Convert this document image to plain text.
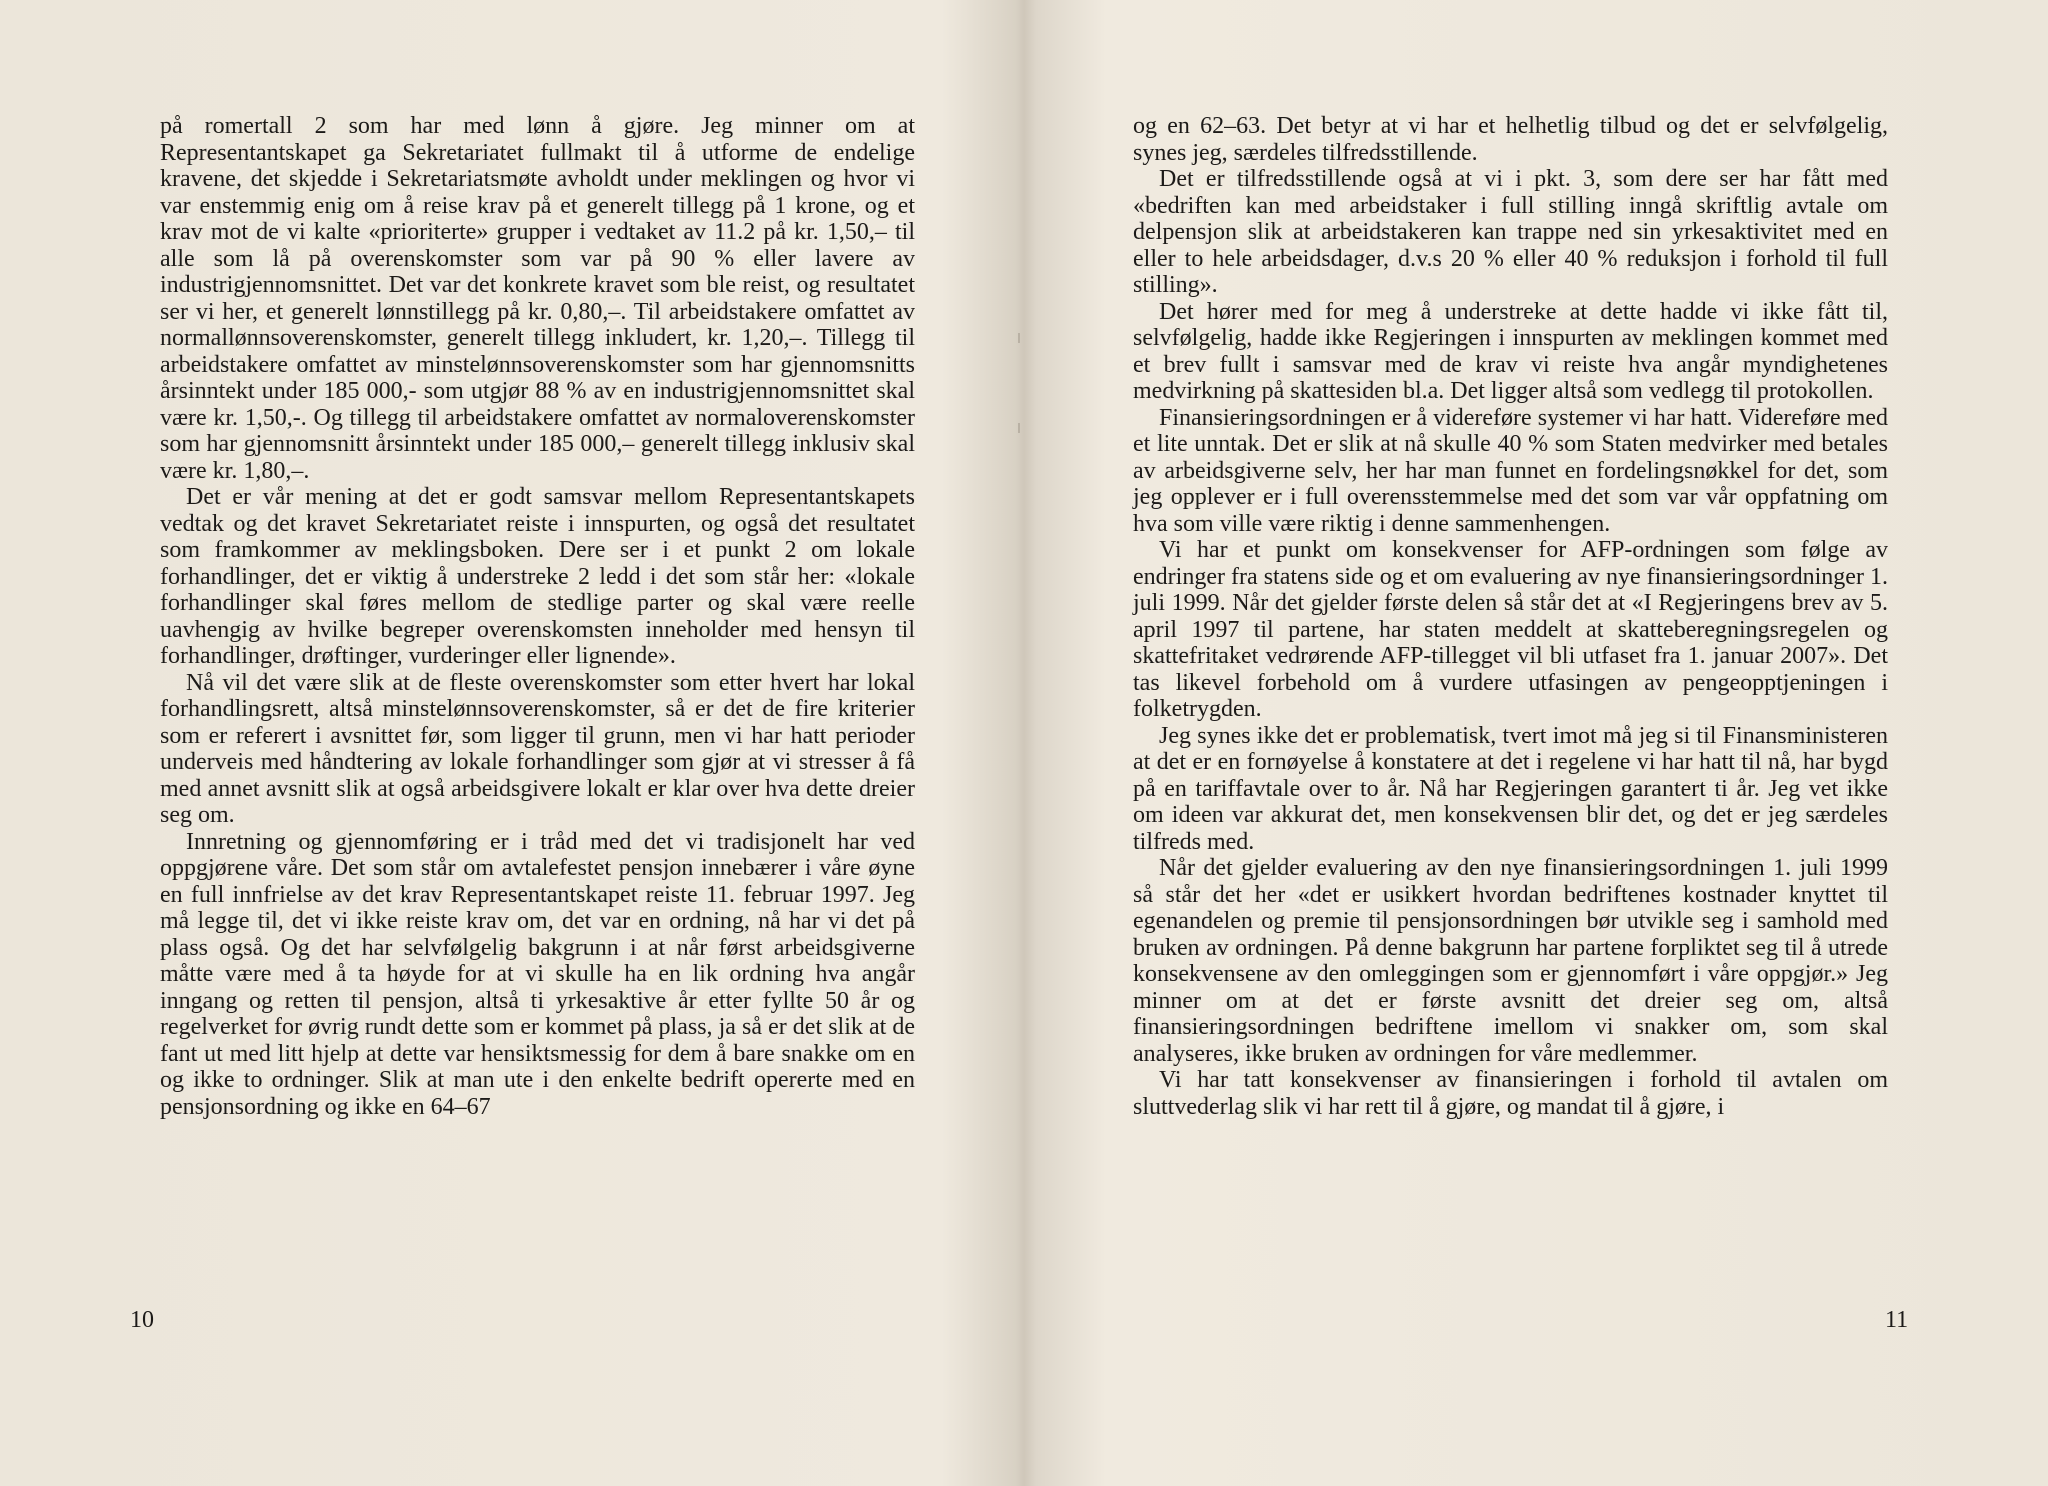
på romertall 2 som har med lønn å gjøre. Jeg minner om at Representantskapet ga Sekretariatet fullmakt til å utforme de endelige kravene, det skjedde i Sekretariatsmøte avholdt under meklingen og hvor vi var enstemmig enig om å reise krav på et generelt tillegg på 1 krone, og et krav mot de vi kalte «prioriterte» grupper i vedtaket av 11.2 på kr. 1,50,– til alle som lå på overenskomster som var på 90 % eller lavere av industrigjennomsnittet. Det var det konkrete kravet som ble reist, og resultatet ser vi her, et generelt lønnstillegg på kr. 0,80,–. Til arbeidstakere omfattet av normallønnsoverenskomster, generelt tillegg inkludert, kr. 1,20,–. Tillegg til arbeidstakere omfattet av minstelønnsoverenskomster som har gjennomsnitts årsinntekt under 185 000,- som utgjør 88 % av en industrigjennomsnittet skal være kr. 1,50,-. Og tillegg til arbeidstakere omfattet av normaloverenskomster som har gjennomsnitt årsinntekt under 185 000,– generelt tillegg inklusiv skal være kr. 1,80,–.

Det er vår mening at det er godt samsvar mellom Representantskapets vedtak og det kravet Sekretariatet reiste i innspurten, og også det resultatet som framkommer av meklingsboken. Dere ser i et punkt 2 om lokale forhandlinger, det er viktig å understreke 2 ledd i det som står her: «lokale forhandlinger skal føres mellom de stedlige parter og skal være reelle uavhengig av hvilke begreper overenskomsten inneholder med hensyn til forhandlinger, drøftinger, vurderinger eller lignende».

Nå vil det være slik at de fleste overenskomster som etter hvert har lokal forhandlingsrett, altså minstelønnsoverenskomster, så er det de fire kriterier som er referert i avsnittet før, som ligger til grunn, men vi har hatt perioder underveis med håndtering av lokale forhandlinger som gjør at vi stresser å få med annet avsnitt slik at også arbeidsgivere lokalt er klar over hva dette dreier seg om.

Innretning og gjennomføring er i tråd med det vi tradisjonelt har ved oppgjørene våre. Det som står om avtalefestet pensjon innebærer i våre øyne en full innfrielse av det krav Representantskapet reiste 11. februar 1997. Jeg må legge til, det vi ikke reiste krav om, det var en ordning, nå har vi det på plass også. Og det har selvfølgelig bakgrunn i at når først arbeidsgiverne måtte være med å ta høyde for at vi skulle ha en lik ordning hva angår inngang og retten til pensjon, altså ti yrkesaktive år etter fyllte 50 år og regelverket for øvrig rundt dette som er kommet på plass, ja så er det slik at de fant ut med litt hjelp at dette var hensiktsmessig for dem å bare snakke om en og ikke to ordninger. Slik at man ute i den enkelte bedrift opererte med en pensjonsordning og ikke en 64–67

10

og en 62–63. Det betyr at vi har et helhetlig tilbud og det er selvfølgelig, synes jeg, særdeles tilfredsstillende.

Det er tilfredsstillende også at vi i pkt. 3, som dere ser har fått med «bedriften kan med arbeidstaker i full stilling inngå skriftlig avtale om delpensjon slik at arbeidstakeren kan trappe ned sin yrkesaktivitet med en eller to hele arbeidsdager, d.v.s 20 % eller 40 % reduksjon i forhold til full stilling».

Det hører med for meg å understreke at dette hadde vi ikke fått til, selvfølgelig, hadde ikke Regjeringen i innspurten av meklingen kommet med et brev fullt i samsvar med de krav vi reiste hva angår myndighetenes medvirkning på skattesiden bl.a. Det ligger altså som vedlegg til protokollen.

Finansieringsordningen er å videreføre systemer vi har hatt. Videreføre med et lite unntak. Det er slik at nå skulle 40 % som Staten medvirker med betales av arbeidsgiverne selv, her har man funnet en fordelingsnøkkel for det, som jeg opplever er i full overensstemmelse med det som var vår oppfatning om hva som ville være riktig i denne sammenhengen.

Vi har et punkt om konsekvenser for AFP-ordningen som følge av endringer fra statens side og et om evaluering av nye finansieringsordninger 1. juli 1999. Når det gjelder første delen så står det at «I Regjeringens brev av 5. april 1997 til partene, har staten meddelt at skatteberegningsregelen og skattefritaket vedrørende AFP-tillegget vil bli utfaset fra 1. januar 2007». Det tas likevel forbehold om å vurdere utfasingen av pengeopptjeningen i folketrygden.

Jeg synes ikke det er problematisk, tvert imot må jeg si til Finansministeren at det er en fornøyelse å konstatere at det i regelene vi har hatt til nå, har bygd på en tariffavtale over to år. Nå har Regjeringen garantert ti år. Jeg vet ikke om ideen var akkurat det, men konsekvensen blir det, og det er jeg særdeles tilfreds med.

Når det gjelder evaluering av den nye finansieringsordningen 1. juli 1999 så står det her «det er usikkert hvordan bedriftenes kostnader knyttet til egenandelen og premie til pensjonsordningen bør utvikle seg i samhold med bruken av ordningen. På denne bakgrunn har partene forpliktet seg til å utrede konsekvensene av den omleggingen som er gjennomført i våre oppgjør.» Jeg minner om at det er første avsnitt det dreier seg om, altså finansieringsordningen bedriftene imellom vi snakker om, som skal analyseres, ikke bruken av ordningen for våre medlemmer.

Vi har tatt konsekvenser av finansieringen i forhold til avtalen om sluttvederlag slik vi har rett til å gjøre, og mandat til å gjøre, i

11
